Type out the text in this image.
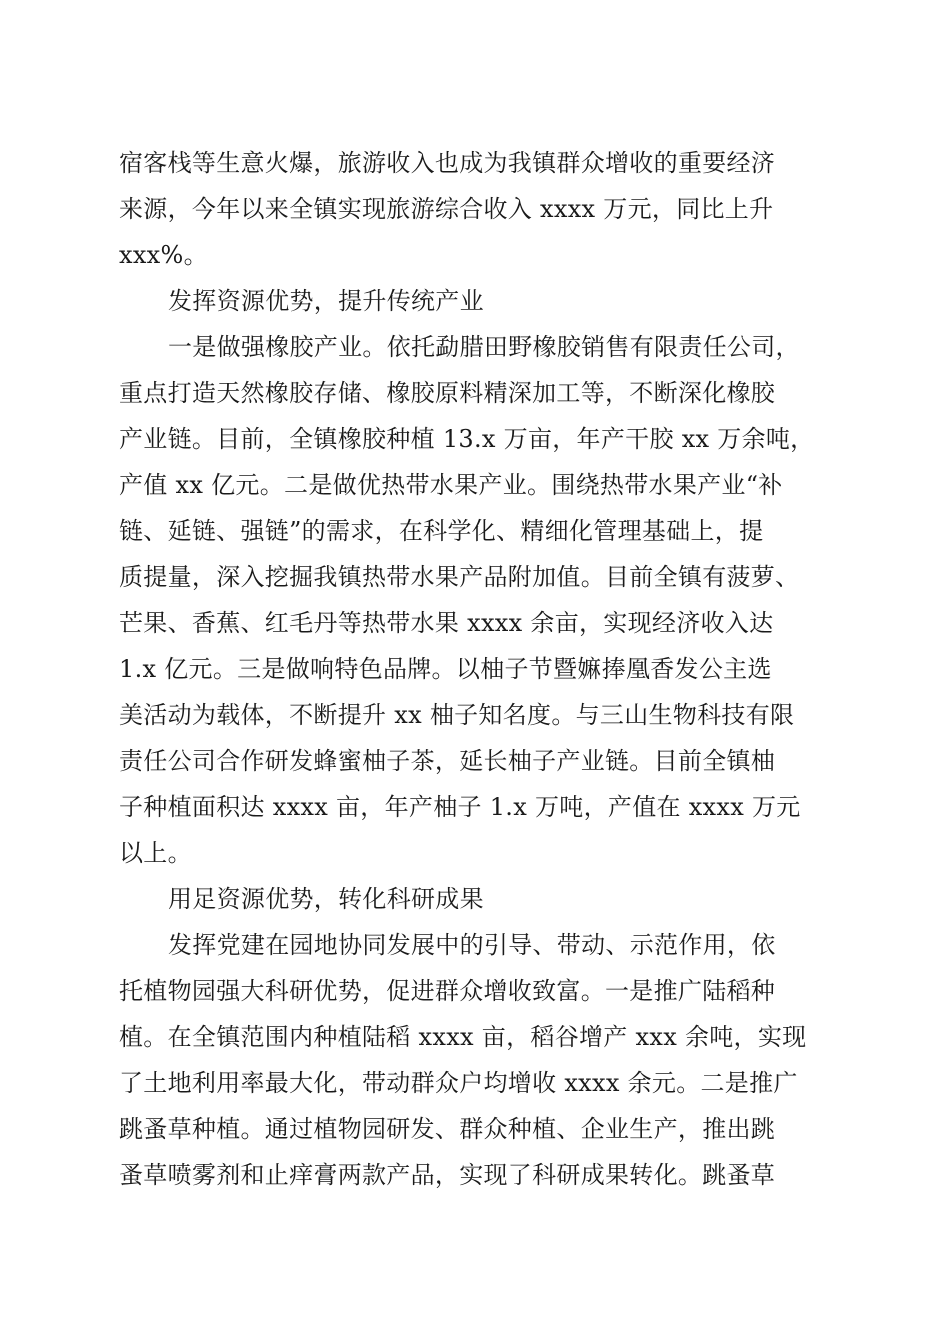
宿客栈等生意火爆，旅游收入也成为我镇群众增收的重要经济
来源，今年以来全镇实现旅游综合收入 xxxx 万元，同比上升
xxx%。
发挥资源优势，提升传统产业
一是做强橡胶产业。依托勐腊田野橡胶销售有限责任公司，
重点打造天然橡胶存储、橡胶原料精深加工等，不断深化橡胶
产业链。目前，全镇橡胶种植 13.x 万亩，年产干胶 xx 万余吨，
产值 xx 亿元。二是做优热带水果产业。围绕热带水果产业“补
链、延链、强链”的需求，在科学化、精细化管理基础上，提
质提量，深入挖掘我镇热带水果产品附加值。目前全镇有菠萝、
芒果、香蕉、红毛丹等热带水果 xxxx 余亩，实现经济收入达
1.x 亿元。三是做响特色品牌。以柚子节暨嫲捧凰香发公主选
美活动为载体，不断提升 xx 柚子知名度。与三山生物科技有限
责任公司合作研发蜂蜜柚子茶，延长柚子产业链。目前全镇柚
子种植面积达 xxxx 亩，年产柚子 1.x 万吨，产值在 xxxx 万元
以上。
用足资源优势，转化科研成果
发挥党建在园地协同发展中的引导、带动、示范作用，依
托植物园强大科研优势，促进群众增收致富。一是推广陆稻种
植。在全镇范围内种植陆稻 xxxx 亩，稻谷增产 xxx 余吨，实现
了土地利用率最大化，带动群众户均增收 xxxx 余元。二是推广
跳蚤草种植。通过植物园研发、群众种植、企业生产，推出跳
蚤草喷雾剂和止痒膏两款产品，实现了科研成果转化。跳蚤草
